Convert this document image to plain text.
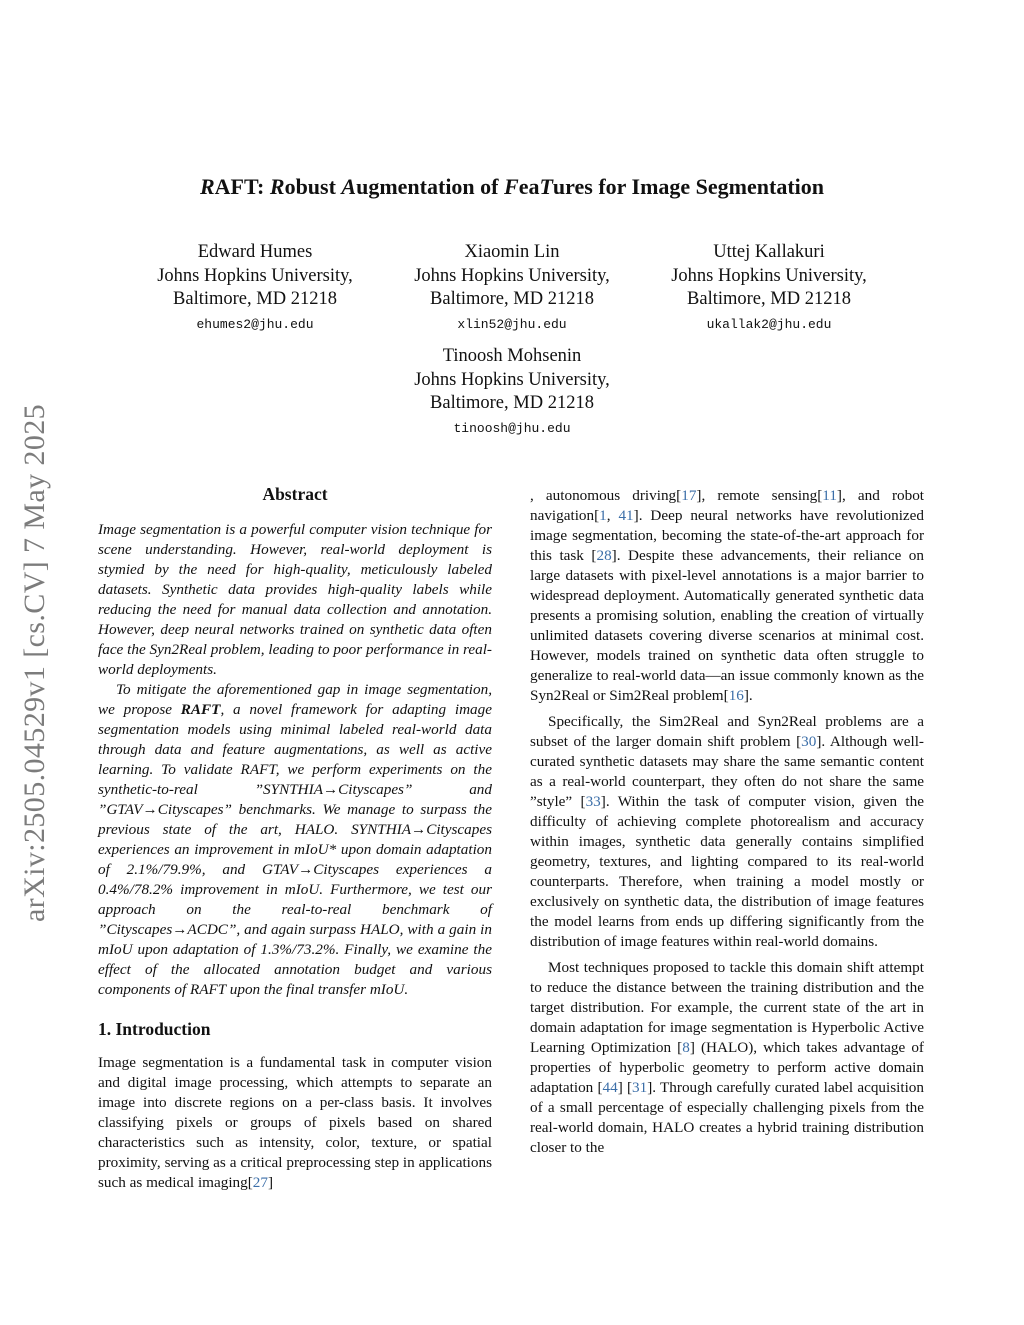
arXiv:2505.04529v1 [cs.CV] 7 May 2025
RAFT: Robust Augmentation of FeaTures for Image Segmentation
Edward Humes
Johns Hopkins University,
Baltimore, MD 21218
ehumes2@jhu.edu
Xiaomin Lin
Johns Hopkins University,
Baltimore, MD 21218
xlin52@jhu.edu
Uttej Kallakuri
Johns Hopkins University,
Baltimore, MD 21218
ukallak2@jhu.edu
Tinoosh Mohsenin
Johns Hopkins University,
Baltimore, MD 21218
tinoosh@jhu.edu
Abstract

Image segmentation is a powerful computer vision technique for scene understanding. However, real-world deployment is stymied by the need for high-quality, meticulously labeled datasets. Synthetic data provides high-quality labels while reducing the need for manual data collection and annotation. However, deep neural networks trained on synthetic data often face the Syn2Real problem, leading to poor performance in real-world deployments.

To mitigate the aforementioned gap in image segmentation, we propose RAFT, a novel framework for adapting image segmentation models using minimal labeled real-world data through data and feature augmentations, as well as active learning. To validate RAFT, we perform experiments on the synthetic-to-real ”SYNTHIA→Cityscapes” and ”GTAV→Cityscapes” benchmarks. We manage to surpass the previous state of the art, HALO. SYNTHIA→Cityscapes experiences an improvement in mIoU* upon domain adaptation of 2.1%/79.9%, and GTAV→Cityscapes experiences a 0.4%/78.2% improvement in mIoU. Furthermore, we test our approach on the real-to-real benchmark of ”Cityscapes→ACDC”, and again surpass HALO, with a gain in mIoU upon adaptation of 1.3%/73.2%. Finally, we examine the effect of the allocated annotation budget and various components of RAFT upon the final transfer mIoU.

1. Introduction

Image segmentation is a fundamental task in computer vision and digital image processing, which attempts to separate an image into discrete regions on a per-class basis. It involves classifying pixels or groups of pixels based on shared characteristics such as intensity, color, texture, or spatial proximity, serving as a critical preprocessing step in applications such as medical imaging[27]

, autonomous driving[17], remote sensing[11], and robot navigation[1, 41]. Deep neural networks have revolutionized image segmentation, becoming the state-of-the-art approach for this task [28]. Despite these advancements, their reliance on large datasets with pixel-level annotations is a major barrier to widespread deployment. Automatically generated synthetic data presents a promising solution, enabling the creation of virtually unlimited datasets covering diverse scenarios at minimal cost. However, models trained on synthetic data often struggle to generalize to real-world data—an issue commonly known as the Syn2Real or Sim2Real problem[16].

Specifically, the Sim2Real and Syn2Real problems are a subset of the larger domain shift problem [30]. Although well-curated synthetic datasets may share the same semantic content as a real-world counterpart, they often do not share the same ”style” [33]. Within the task of computer vision, given the difficulty of achieving complete photorealism and accuracy within images, synthetic data generally contains simplified geometry, textures, and lighting compared to its real-world counterparts. Therefore, when training a model mostly or exclusively on synthetic data, the distribution of image features the model learns from ends up differing significantly from the distribution of image features within real-world domains.

Most techniques proposed to tackle this domain shift attempt to reduce the distance between the training distribution and the target distribution. For example, the current state of the art in domain adaptation for image segmentation is Hyperbolic Active Learning Optimization [8] (HALO), which takes advantage of properties of hyperbolic geometry to perform active domain adaptation [44] [31]. Through carefully curated label acquisition of a small percentage of especially challenging pixels from the real-world domain, HALO creates a hybrid training distribution closer to the
